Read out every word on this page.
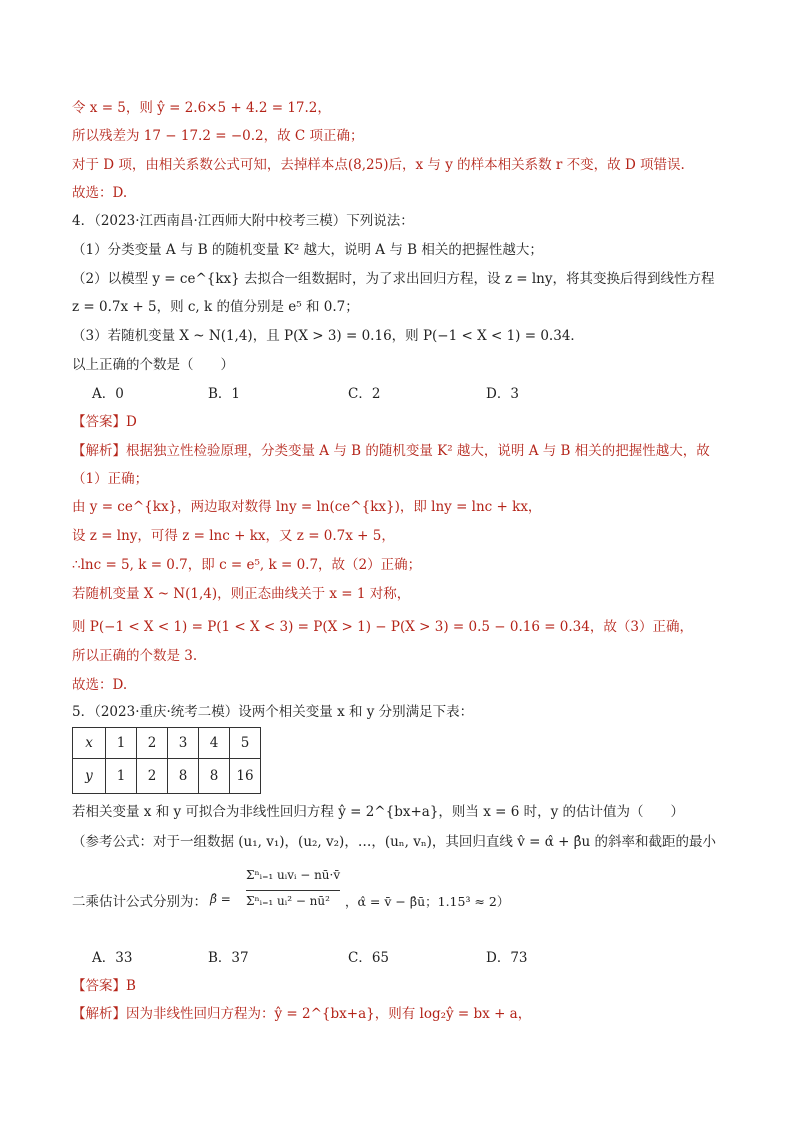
令 x = 5，则 ŷ = 2.6×5 + 4.2 = 17.2，
所以残差为 17 − 17.2 = −0.2，故 C 项正确；
对于 D 项，由相关系数公式可知，去掉样本点(8,25)后，x 与 y 的样本相关系数 r 不变，故 D 项错误.
故选：D.
4．（2023·江西南昌·江西师大附中校考三模）下列说法：
（1）分类变量 A 与 B 的随机变量 K² 越大，说明 A 与 B 相关的把握性越大；
（2）以模型 y = ce^{kx} 去拟合一组数据时，为了求出回归方程，设 z = lny，将其变换后得到线性方程
z = 0.7x + 5，则 c, k 的值分别是 e⁵ 和 0.7；
（3）若随机变量 X ~ N(1,4)，且 P(X > 3) = 0.16，则 P(−1 < X < 1) = 0.34．
以上正确的个数是（　　）
A．0	B．1	C．2	D．3
【答案】D
【解析】根据独立性检验原理，分类变量 A 与 B 的随机变量 K² 越大，说明 A 与 B 相关的把握性越大，故
（1）正确；
由 y = ce^{kx}，两边取对数得 lny = ln(ce^{kx})，即 lny = lnc + kx，
设 z = lny，可得 z = lnc + kx，又 z = 0.7x + 5，
∴lnc = 5, k = 0.7，即 c = e⁵, k = 0.7，故（2）正确；
若随机变量 X ~ N(1,4)，则正态曲线关于 x = 1 对称，
则 P(−1 < X < 1) = P(1 < X < 3) = P(X > 1) − P(X > 3) = 0.5 − 0.16 = 0.34，故（3）正确，
所以正确的个数是 3.
故选：D.
5．（2023·重庆·统考二模）设两个相关变量 x 和 y 分别满足下表：
x	1	2	3	4	5
y	1	2	8	8	16
若相关变量 x 和 y 可拟合为非线性回归方程 ŷ = 2^{bx+a}，则当 x = 6 时，y 的估计值为（　　）
（参考公式：对于一组数据 (u₁, v₁)，(u₂, v₂)，…，(uₙ, vₙ)，其回归直线 v̂ = α̂ + β̂u 的斜率和截距的最小
二乘估计公式分别为： β̂ =
Σⁿᵢ₌₁ uᵢvᵢ − nū·v̄
Σⁿᵢ₌₁ uᵢ² − nū² ，α̂ = v̄ − β̂ū；1.15³ ≈ 2）
A．33	B．37	C．65	D．73
【答案】B
【解析】因为非线性回归方程为：ŷ = 2^{bx+a}，则有 log₂ŷ = bx + a，
